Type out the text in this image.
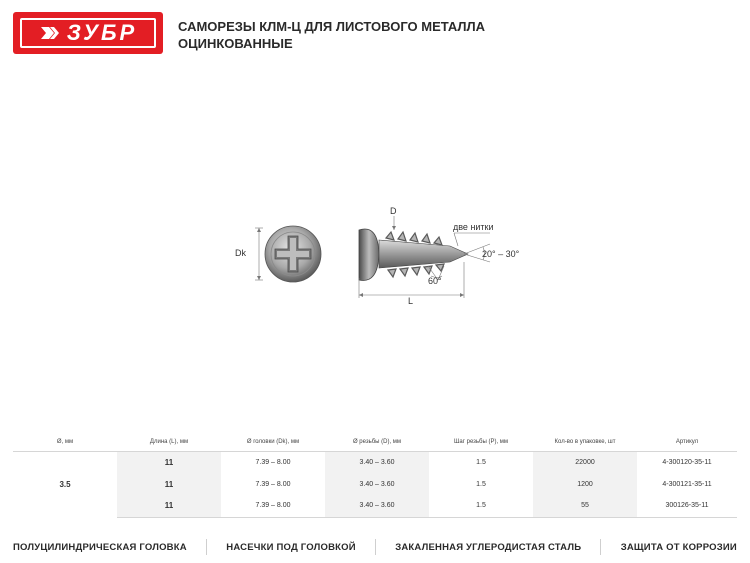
ЗУБР	САМОРЕЗЫ КЛМ-Ц ДЛЯ ЛИСТОВОГО МЕТАЛЛА
ОЦИНКОВАННЫЕ
Dk
D
две нитки
20° – 30°
60°
L
Ø, мм	Длина (L), мм	Ø головки (Dk), мм	Ø резьбы (D), мм	Шаг резьбы (P), мм	Кол-во в упаковке, шт	Артикул
3.5	11	7.39 – 8.00	3.40 – 3.60	1.5	22000	4-300120-35-11
	11	7.39 – 8.00	3.40 – 3.60	1.5	1200	4-300121-35-11
	11	7.39 – 8.00	3.40 – 3.60	1.5	55	300126-35-11
ПОЛУЦИЛИНДРИЧЕСКАЯ ГОЛОВКА	НАСЕЧКИ ПОД ГОЛОВКОЙ	ЗАКАЛЕННАЯ УГЛЕРОДИСТАЯ СТАЛЬ	ЗАЩИТА ОТ КОРРОЗИИ
